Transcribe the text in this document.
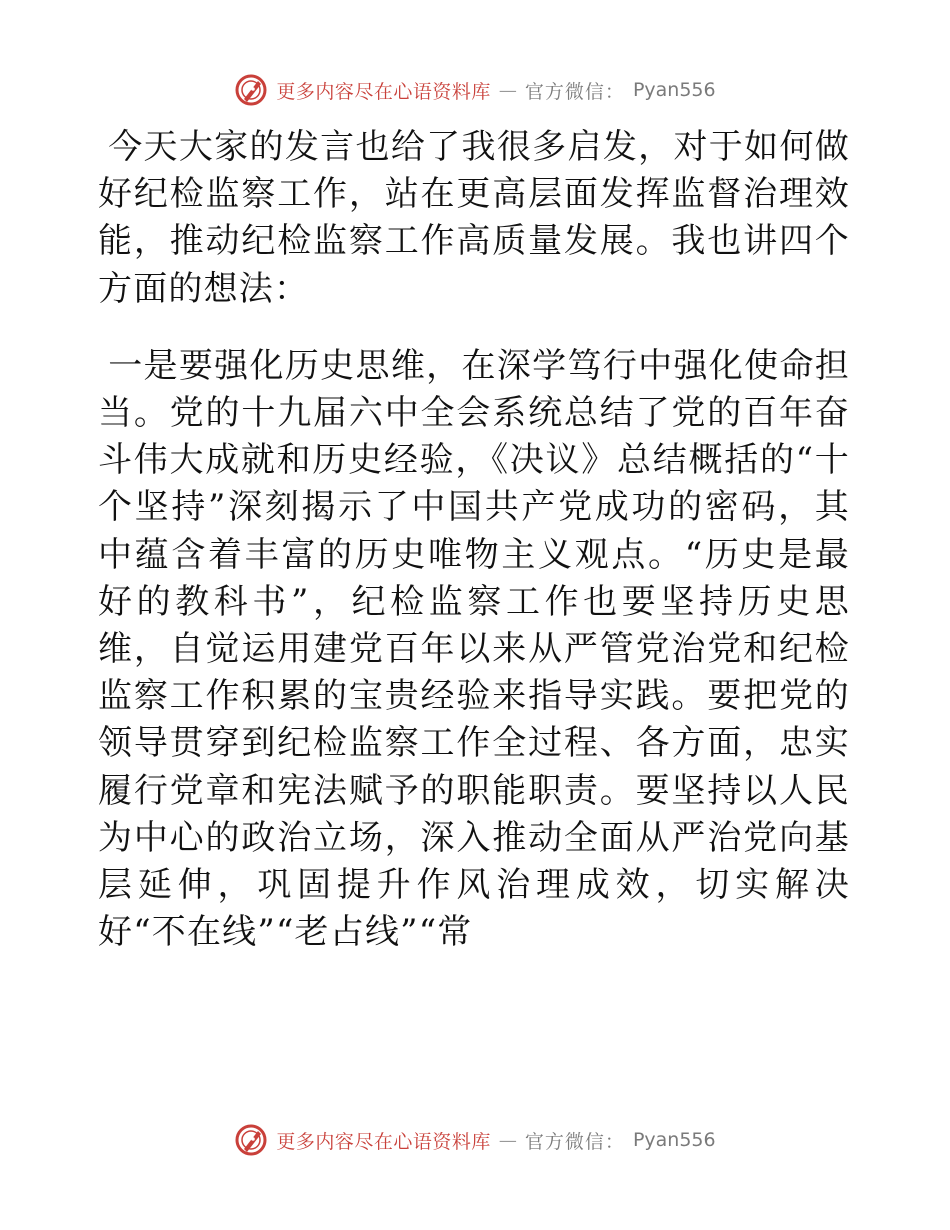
更多内容尽在心语资料库 — 官方微信： Pyan556

今天大家的发言也给了我很多启发，对于如何做好纪检监察工作，站在更高层面发挥监督治理效能，推动纪检监察工作高质量发展。我也讲四个方面的想法：

一是要强化历史思维，在深学笃行中强化使命担当。党的十九届六中全会系统总结了党的百年奋斗伟大成就和历史经验，《决议》总结概括的“十个坚持”深刻揭示了中国共产党成功的密码，其中蕴含着丰富的历史唯物主义观点。“历史是最好的教科书”，纪检监察工作也要坚持历史思维，自觉运用建党百年以来从严管党治党和纪检监察工作积累的宝贵经验来指导实践。要把党的领导贯穿到纪检监察工作全过程、各方面，忠实履行党章和宪法赋予的职能职责。要坚持以人民为中心的政治立场，深入推动全面从严治党向基层延伸，巩固提升作风治理成效，切实解决好“不在线”“老占线”“常

更多内容尽在心语资料库 — 官方微信： Pyan556
